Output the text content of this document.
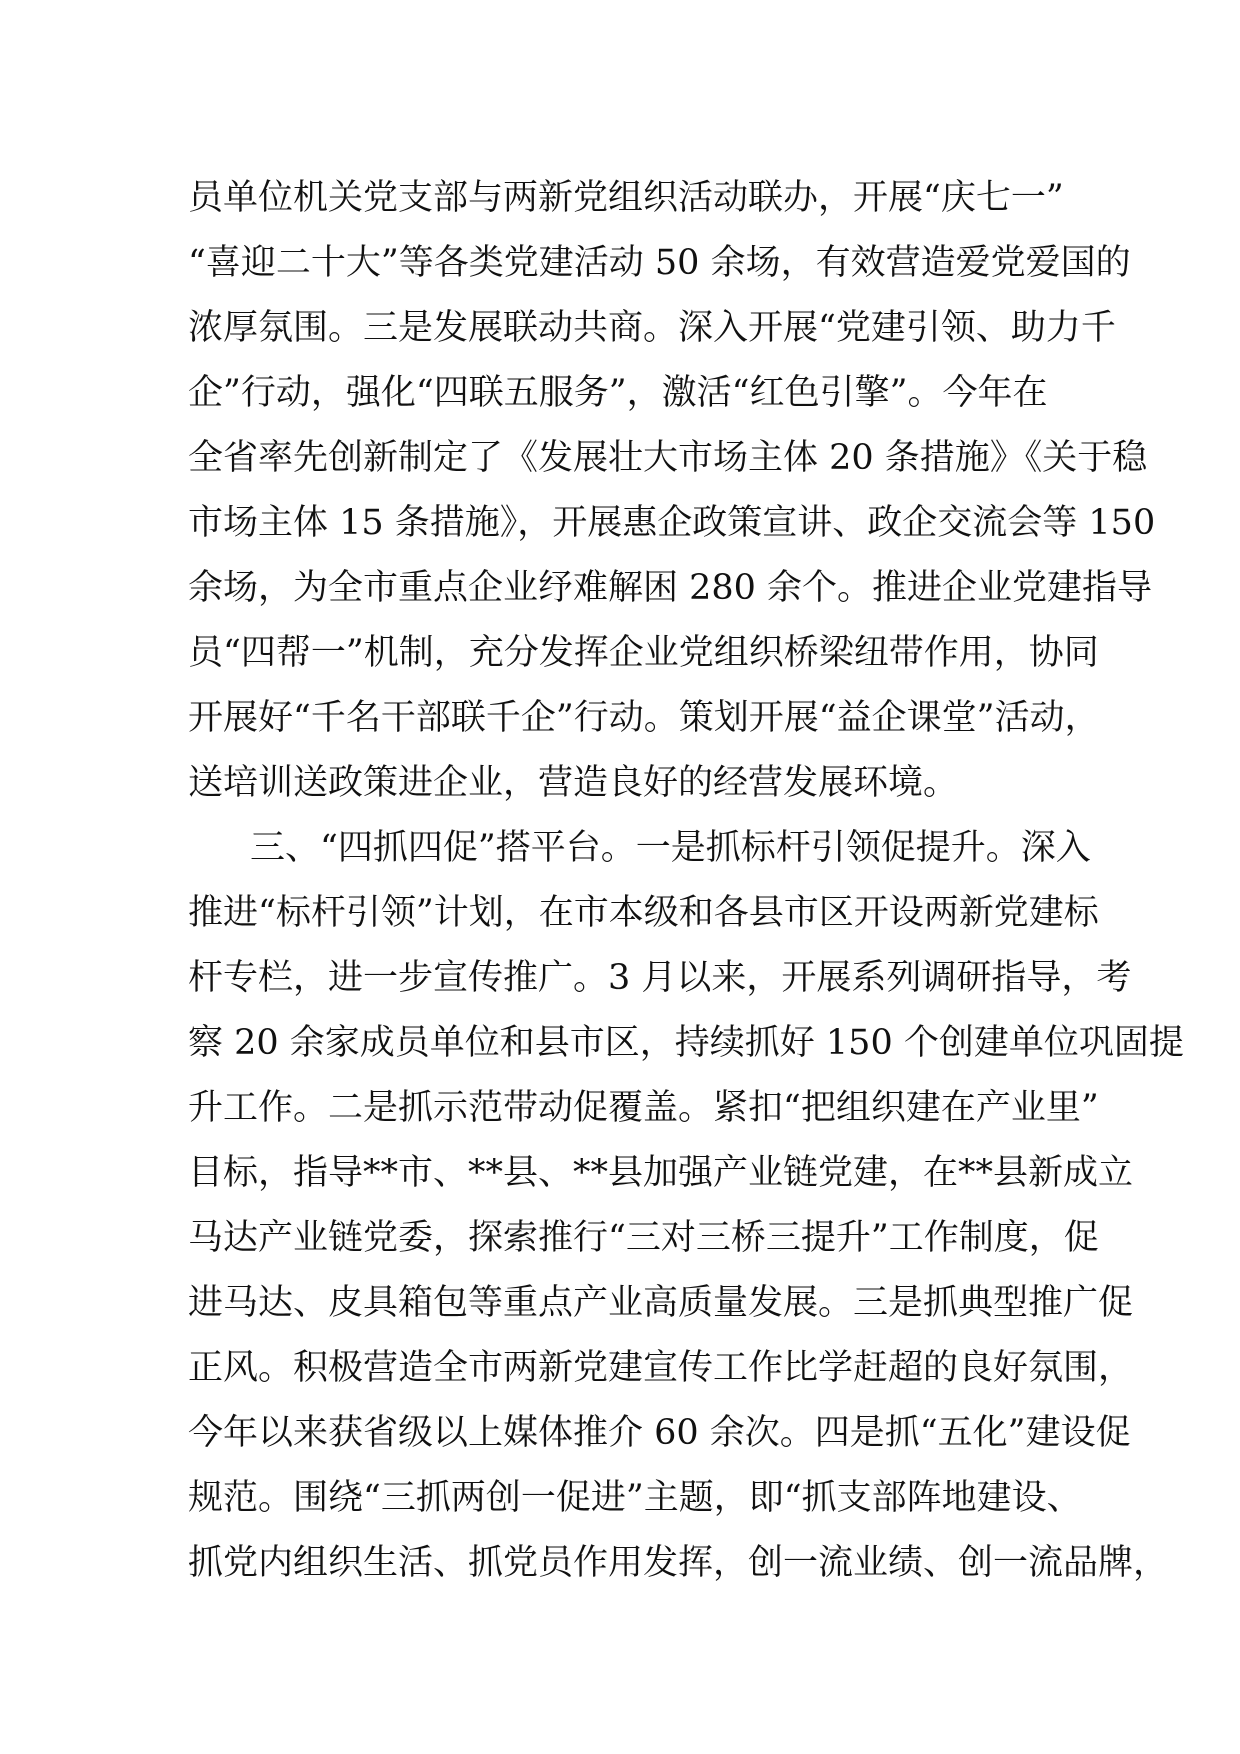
员单位机关党支部与两新党组织活动联办，开展“庆七一”
“喜迎二十大”等各类党建活动 50 余场，有效营造爱党爱国的
浓厚氛围。三是发展联动共商。深入开展“党建引领、助力千
企”行动，强化“四联五服务”，激活“红色引擎”。今年在
全省率先创新制定了《发展壮大市场主体 20 条措施》《关于稳
市场主体 15 条措施》，开展惠企政策宣讲、政企交流会等 150
余场，为全市重点企业纾难解困 280 余个。推进企业党建指导
员“四帮一”机制，充分发挥企业党组织桥梁纽带作用，协同
开展好“千名干部联千企”行动。策划开展“益企课堂”活动，
送培训送政策进企业，营造良好的经营发展环境。
三、“四抓四促”搭平台。一是抓标杆引领促提升。深入
推进“标杆引领”计划，在市本级和各县市区开设两新党建标
杆专栏，进一步宣传推广。3 月以来，开展系列调研指导，考
察 20 余家成员单位和县市区，持续抓好 150 个创建单位巩固提
升工作。二是抓示范带动促覆盖。紧扣“把组织建在产业里”
目标，指导**市、**县、**县加强产业链党建，在**县新成立
马达产业链党委，探索推行“三对三桥三提升”工作制度，促
进马达、皮具箱包等重点产业高质量发展。三是抓典型推广促
正风。积极营造全市两新党建宣传工作比学赶超的良好氛围，
今年以来获省级以上媒体推介 60 余次。四是抓“五化”建设促
规范。围绕“三抓两创一促进”主题，即“抓支部阵地建设、
抓党内组织生活、抓党员作用发挥，创一流业绩、创一流品牌，
